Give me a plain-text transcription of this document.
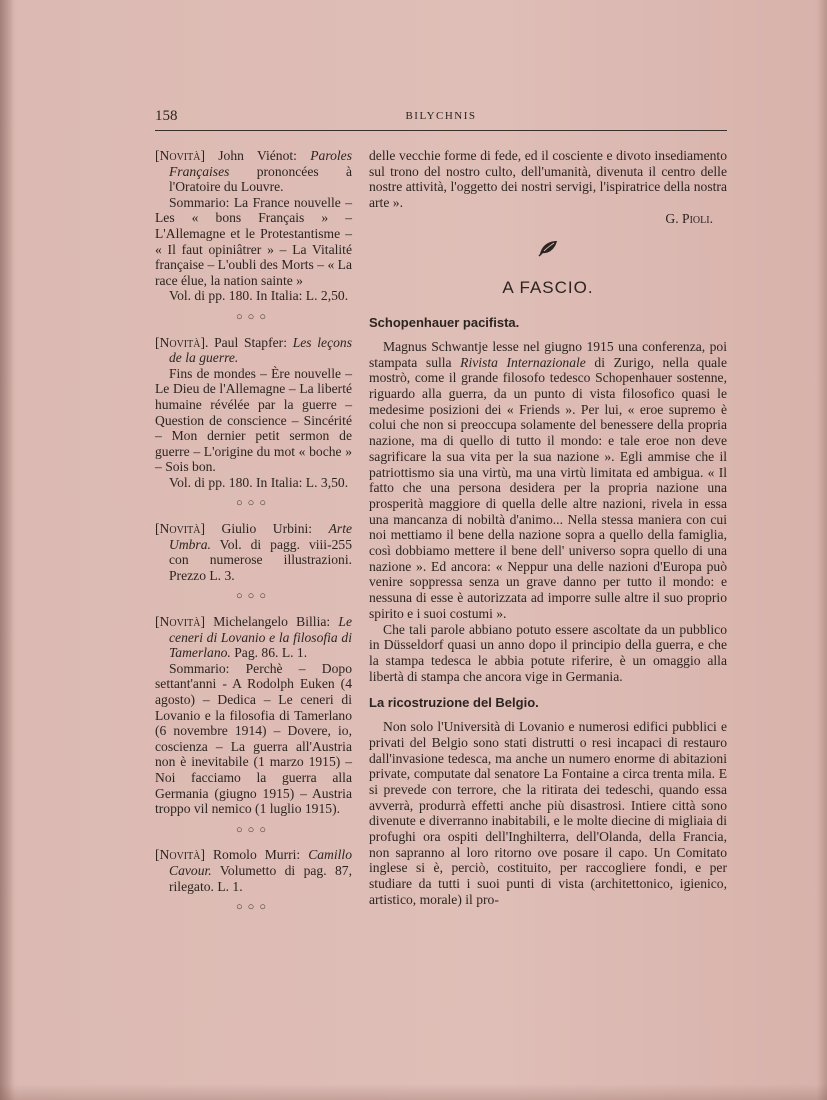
158	BILYCHNIS

[Novità] John Viénot: Paroles Françaises prononcées à l'Oratoire du Louvre.

Sommario: La France nouvelle – Les « bons Français » – L'Allemagne et le Protestantisme – « Il faut opiniâtrer » – La Vitalité française – L'oubli des Morts – « La race élue, la nation sainte »

Vol. di pp. 180. In Italia: L. 2,50.

○○○

[Novità]. Paul Stapfer: Les leçons de la guerre.

Fins de mondes – Ère nouvelle – Le Dieu de l'Allemagne – La liberté humaine révélée par la guerre – Question de conscience – Sincérité – Mon dernier petit sermon de guerre – L'origine du mot « boche » – Sois bon.

Vol. di pp. 180. In Italia: L. 3,50.

○○○

[Novità] Giulio Urbini: Arte Umbra. Vol. di pagg. viii-255 con numerose illustrazioni. Prezzo L. 3.

○○○

[Novità] Michelangelo Billia: Le ceneri di Lovanio e la filosofia di Tamerlano. Pag. 86. L. 1.

Sommario: Perchè – Dopo settant'anni - A Rodolph Euken (4 agosto) – Dedica – Le ceneri di Lovanio e la filosofia di Tamerlano (6 novembre 1914) – Dovere, io, coscienza – La guerra all'Austria non è inevitabile (1 marzo 1915) – Noi facciamo la guerra alla Germania (giugno 1915) – Austria troppo vil nemico (1 luglio 1915).

○○○

[Novità] Romolo Murri: Camillo Cavour. Volumetto di pag. 87, rilegato. L. 1.

○○○

delle vecchie forme di fede, ed il cosciente e divoto insediamento sul trono del nostro culto, dell'umanità, divenuta il centro delle nostre attività, l'oggetto dei nostri servigi, l'ispiratrice della nostra arte ».

G. Pioli.

A FASCIO.
Schopenhauer pacifista.

Magnus Schwantje lesse nel giugno 1915 una conferenza, poi stampata sulla Rivista Internazionale di Zurigo, nella quale mostrò, come il grande filosofo tedesco Schopenhauer sostenne, riguardo alla guerra, da un punto di vista filosofico quasi le medesime posizioni dei « Friends ». Per lui, « eroe supremo è colui che non si preoccupa solamente del benessere della propria nazione, ma di quello di tutto il mondo: e tale eroe non deve sagrificare la sua vita per la sua nazione ». Egli ammise che il patriottismo sia una virtù, ma una virtù limitata ed ambigua. « Il fatto che una persona desidera per la propria nazione una prosperità maggiore di quella delle altre nazioni, rivela in essa una mancanza di nobiltà d'animo... Nella stessa maniera con cui noi mettiamo il bene della nazione sopra a quello della famiglia, così dobbiamo mettere il bene dell' universo sopra quello di una nazione ». Ed ancora: « Neppur una delle nazioni d'Europa può venire soppressa senza un grave danno per tutto il mondo: e nessuna di esse è autorizzata ad imporre sulle altre il suo proprio spirito e i suoi costumi ».

Che tali parole abbiano potuto essere ascoltate da un pubblico in Düsseldorf quasi un anno dopo il principio della guerra, e che la stampa tedesca le abbia potute riferire, è un omaggio alla libertà di stampa che ancora vige in Germania.

La ricostruzione del Belgio.

Non solo l'Università di Lovanio e numerosi edifici pubblici e privati del Belgio sono stati distrutti o resi incapaci di restauro dall'invasione tedesca, ma anche un numero enorme di abitazioni private, computate dal senatore La Fontaine a circa trenta mila. E si prevede con terrore, che la ritirata dei tedeschi, quando essa avverrà, produrrà effetti anche più disastrosi. Intiere città sono divenute e diverranno inabitabili, e le molte diecine di migliaia di profughi ora ospiti dell'Inghilterra, dell'Olanda, della Francia, non sapranno al loro ritorno ove posare il capo. Un Comitato inglese si è, perciò, costituito, per raccogliere fondi, e per studiare da tutti i suoi punti di vista (architettonico, igienico, artistico, morale) il pro-
